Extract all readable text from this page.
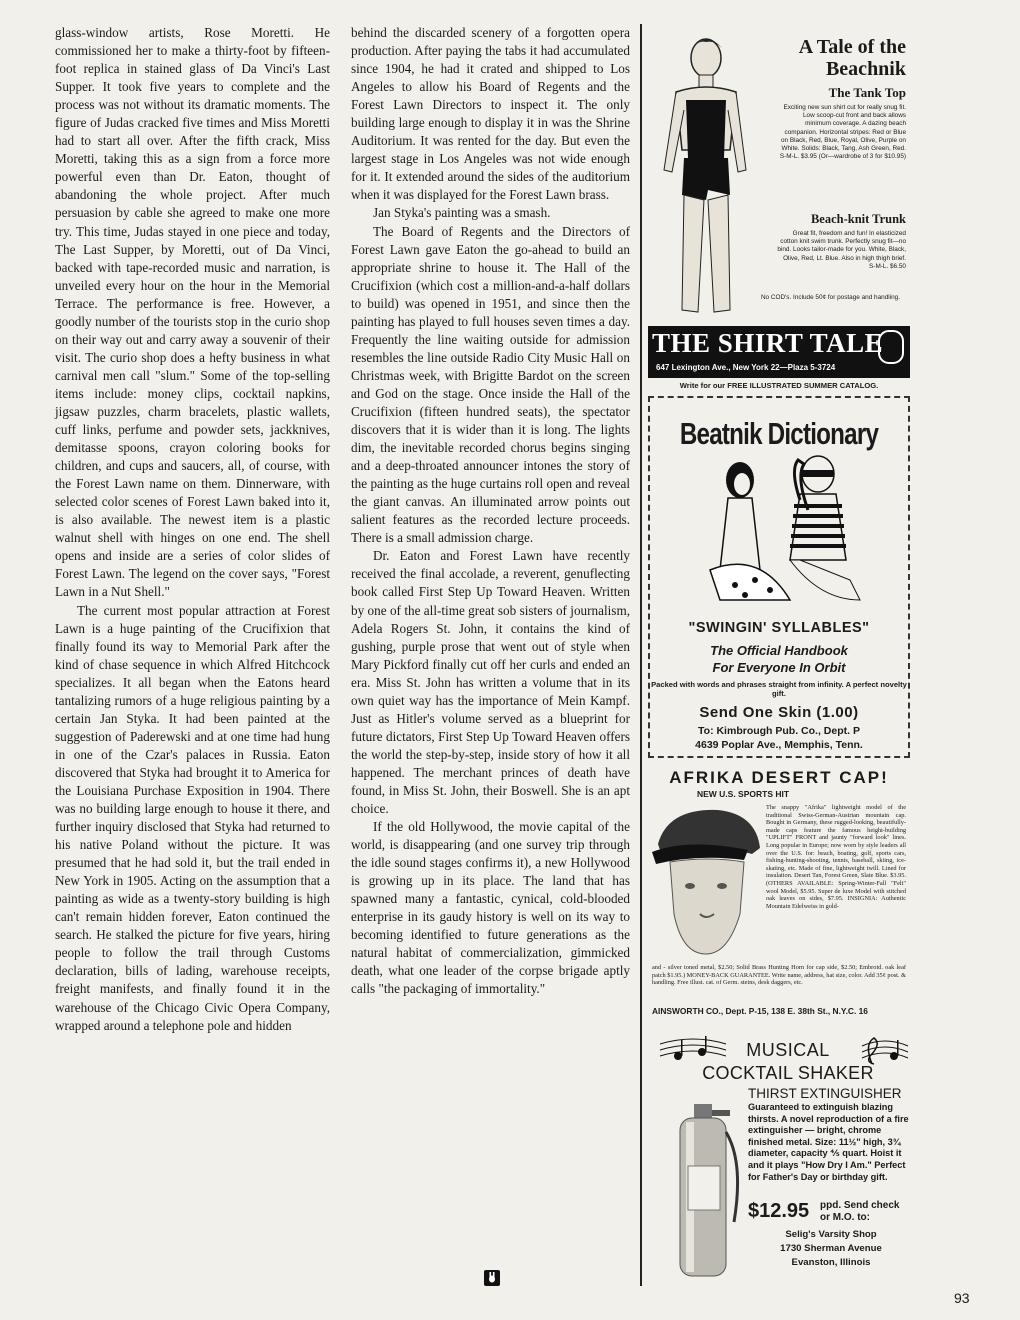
glass-window artists, Rose Moretti. He commissioned her to make a thirty-foot by fifteen-foot replica in stained glass of Da Vinci's Last Supper. It took five years to complete and the process was not without its dramatic moments. The figure of Judas cracked five times and Miss Moretti had to start all over. After the fifth crack, Miss Moretti, taking this as a sign from a force more powerful even than Dr. Eaton, thought of abandoning the whole project. After much persuasion by cable she agreed to make one more try. This time, Judas stayed in one piece and today, The Last Supper, by Moretti, out of Da Vinci, backed with tape-recorded music and narration, is unveiled every hour on the hour in the Memorial Terrace. The performance is free. However, a goodly number of the tourists stop in the curio shop on their way out and carry away a souvenir of their visit. The curio shop does a hefty business in what carnival men call "slum." Some of the top-selling items include: money clips, cocktail napkins, jigsaw puzzles, charm bracelets, plastic wallets, cuff links, perfume and powder sets, jackknives, demitasse spoons, crayon coloring books for children, and cups and saucers, all, of course, with the Forest Lawn name on them. Dinnerware, with selected color scenes of Forest Lawn baked into it, is also available. The newest item is a plastic walnut shell with hinges on one end. The shell opens and inside are a series of color slides of Forest Lawn. The legend on the cover says, "Forest Lawn in a Nut Shell."

The current most popular attraction at Forest Lawn is a huge painting of the Crucifixion that finally found its way to Memorial Park after the kind of chase sequence in which Alfred Hitchcock specializes. It all began when the Eatons heard tantalizing rumors of a huge religious painting by a certain Jan Styka. It had been painted at the suggestion of Paderewski and at one time had hung in one of the Czar's palaces in Russia. Eaton discovered that Styka had brought it to America for the Louisiana Purchase Exposition in 1904. There was no building large enough to house it there, and further inquiry disclosed that Styka had returned to his native Poland without the picture. It was presumed that he had sold it, but the trail ended in New York in 1905. Acting on the assumption that a painting as wide as a twenty-story building is high can't remain hidden forever, Eaton continued the search. He stalked the picture for five years, hiring people to follow the trail through Customs declaration, bills of lading, warehouse receipts, freight manifests, and finally found it in the warehouse of the Chicago Civic Opera Company, wrapped around a telephone pole and hidden

behind the discarded scenery of a forgotten opera production. After paying the tabs it had accumulated since 1904, he had it crated and shipped to Los Angeles to allow his Board of Regents and the Forest Lawn Directors to inspect it. The only building large enough to display it in was the Shrine Auditorium. It was rented for the day. But even the largest stage in Los Angeles was not wide enough for it. It extended around the sides of the auditorium when it was displayed for the Forest Lawn brass.

Jan Styka's painting was a smash.

The Board of Regents and the Directors of Forest Lawn gave Eaton the go-ahead to build an appropriate shrine to house it. The Hall of the Crucifixion (which cost a million-and-a-half dollars to build) was opened in 1951, and since then the painting has played to full houses seven times a day. Frequently the line waiting outside for admission resembles the line outside Radio City Music Hall on Christmas week, with Brigitte Bardot on the screen and God on the stage. Once inside the Hall of the Crucifixion (fifteen hundred seats), the spectator discovers that it is wider than it is long. The lights dim, the inevitable recorded chorus begins singing and a deep-throated announcer intones the story of the painting as the huge curtains roll open and reveal the giant canvas. An illuminated arrow points out salient features as the recorded lecture proceeds. There is a small admission charge.

Dr. Eaton and Forest Lawn have recently received the final accolade, a reverent, genuflecting book called First Step Up Toward Heaven. Written by one of the all-time great sob sisters of journalism, Adela Rogers St. John, it contains the kind of gushing, purple prose that went out of style when Mary Pickford finally cut off her curls and ended an era. Miss St. John has written a volume that in its own quiet way has the importance of Mein Kampf. Just as Hitler's volume served as a blueprint for future dictators, First Step Up Toward Heaven offers the world the step-by-step, inside story of how it all happened. The merchant princes of death have found, in Miss St. John, their Boswell. She is an apt choice.

If the old Hollywood, the movie capital of the world, is disappearing (and one survey trip through the idle sound stages confirms it), a new Hollywood is growing up in its place. The land that has spawned many a fantastic, cynical, cold-blooded enterprise in its gaudy history is well on its way to becoming identified to future generations as the natural habitat of commercialization, gimmicked death, what one leader of the corpse brigade aptly calls "the packaging of immortality."

A Tale of the Beachnik
The Tank Top
Exciting new sun shirt cut for really snug fit. Low scoop-cut front and back allows minimum coverage. A dazing beach companion. Horizontal stripes: Red or Blue on Black, Red, Blue, Royal, Olive, Purple on White. Solids: Black, Tang, Ash Green, Red. S-M-L. $3.95 (Or—wardrobe of 3 for $10.95)
Beach-knit Trunk
Great fit, freedom and fun! In elasticized cotton knit swim trunk. Perfectly snug fit—no bind. Looks tailor-made for you. White, Black, Olive, Red, Lt. Blue. Also in high thigh brief. S-M-L. $6.50
No COD's. Include 50¢ for postage and handling.
THE SHIRT TALE
647 Lexington Ave., New York 22—Plaza 5-3724
Write for our FREE ILLUSTRATED SUMMER CATALOG.
Beatnik Dictionary
"SWINGIN' SYLLABLES"
The Official Handbook
For Everyone In Orbit
Packed with words and phrases straight from infinity. A perfect novelty gift.
Send One Skin (1.00)
To: Kimbrough Pub. Co., Dept. P
4639 Poplar Ave., Memphis, Tenn.
AFRIKA DESERT CAP!
NEW U.S. SPORTS HIT
The snappy "Afrika" lightweight model of the traditional Swiss-German-Austrian mountain cap. Bought in Germany, these rugged-looking, beautifully-made caps feature the famous height-building "UPLIFT" FRONT and jaunty "forward look" lines. Long popular in Europe; now worn by style leaders all over the U.S. for: beach, boating, golf, sports cars, fishing-hunting-shooting, tennis, baseball, skiing, ice-skating, etc. Made of fine, lightweight twill. Lined for insulation. Desert Tan, Forest Green, Slate Blue. $3.95. (OTHERS AVAILABLE: Spring-Winter-Fall "Felt" wool Model, $5.95. Super de luxe Model with stitched oak leaves on sides, $7.95. INSIGNIA: Authentic Mountain Edelweiss in gold-
and - silver toned metal, $2.50; Solid Brass Hunting Horn for cap side, $2.50; Embroid. oak leaf patch $1.95.) MONEY-BACK GUARANTEE. Write name, address, hat size, color. Add 35¢ post. & handling. Free illust. cat. of Germ. steins, desk daggers, etc.
AINSWORTH CO., Dept. P-15, 138 E. 38th St., N.Y.C. 16
MUSICAL
COCKTAIL SHAKER
THIRST EXTINGUISHER
Guaranteed to extinguish blazing thirsts. A novel reproduction of a fire extinguisher — bright, chrome finished metal. Size: 11½" high, 3¾ diameter, capacity ⅘ quart. Hoist it and it plays "How Dry I Am." Perfect for Father's Day or birthday gift.
$12.95 ppd. Send check or M.O. to:
Selig's Varsity Shop
1730 Sherman Avenue
Evanston, Illinois
93
